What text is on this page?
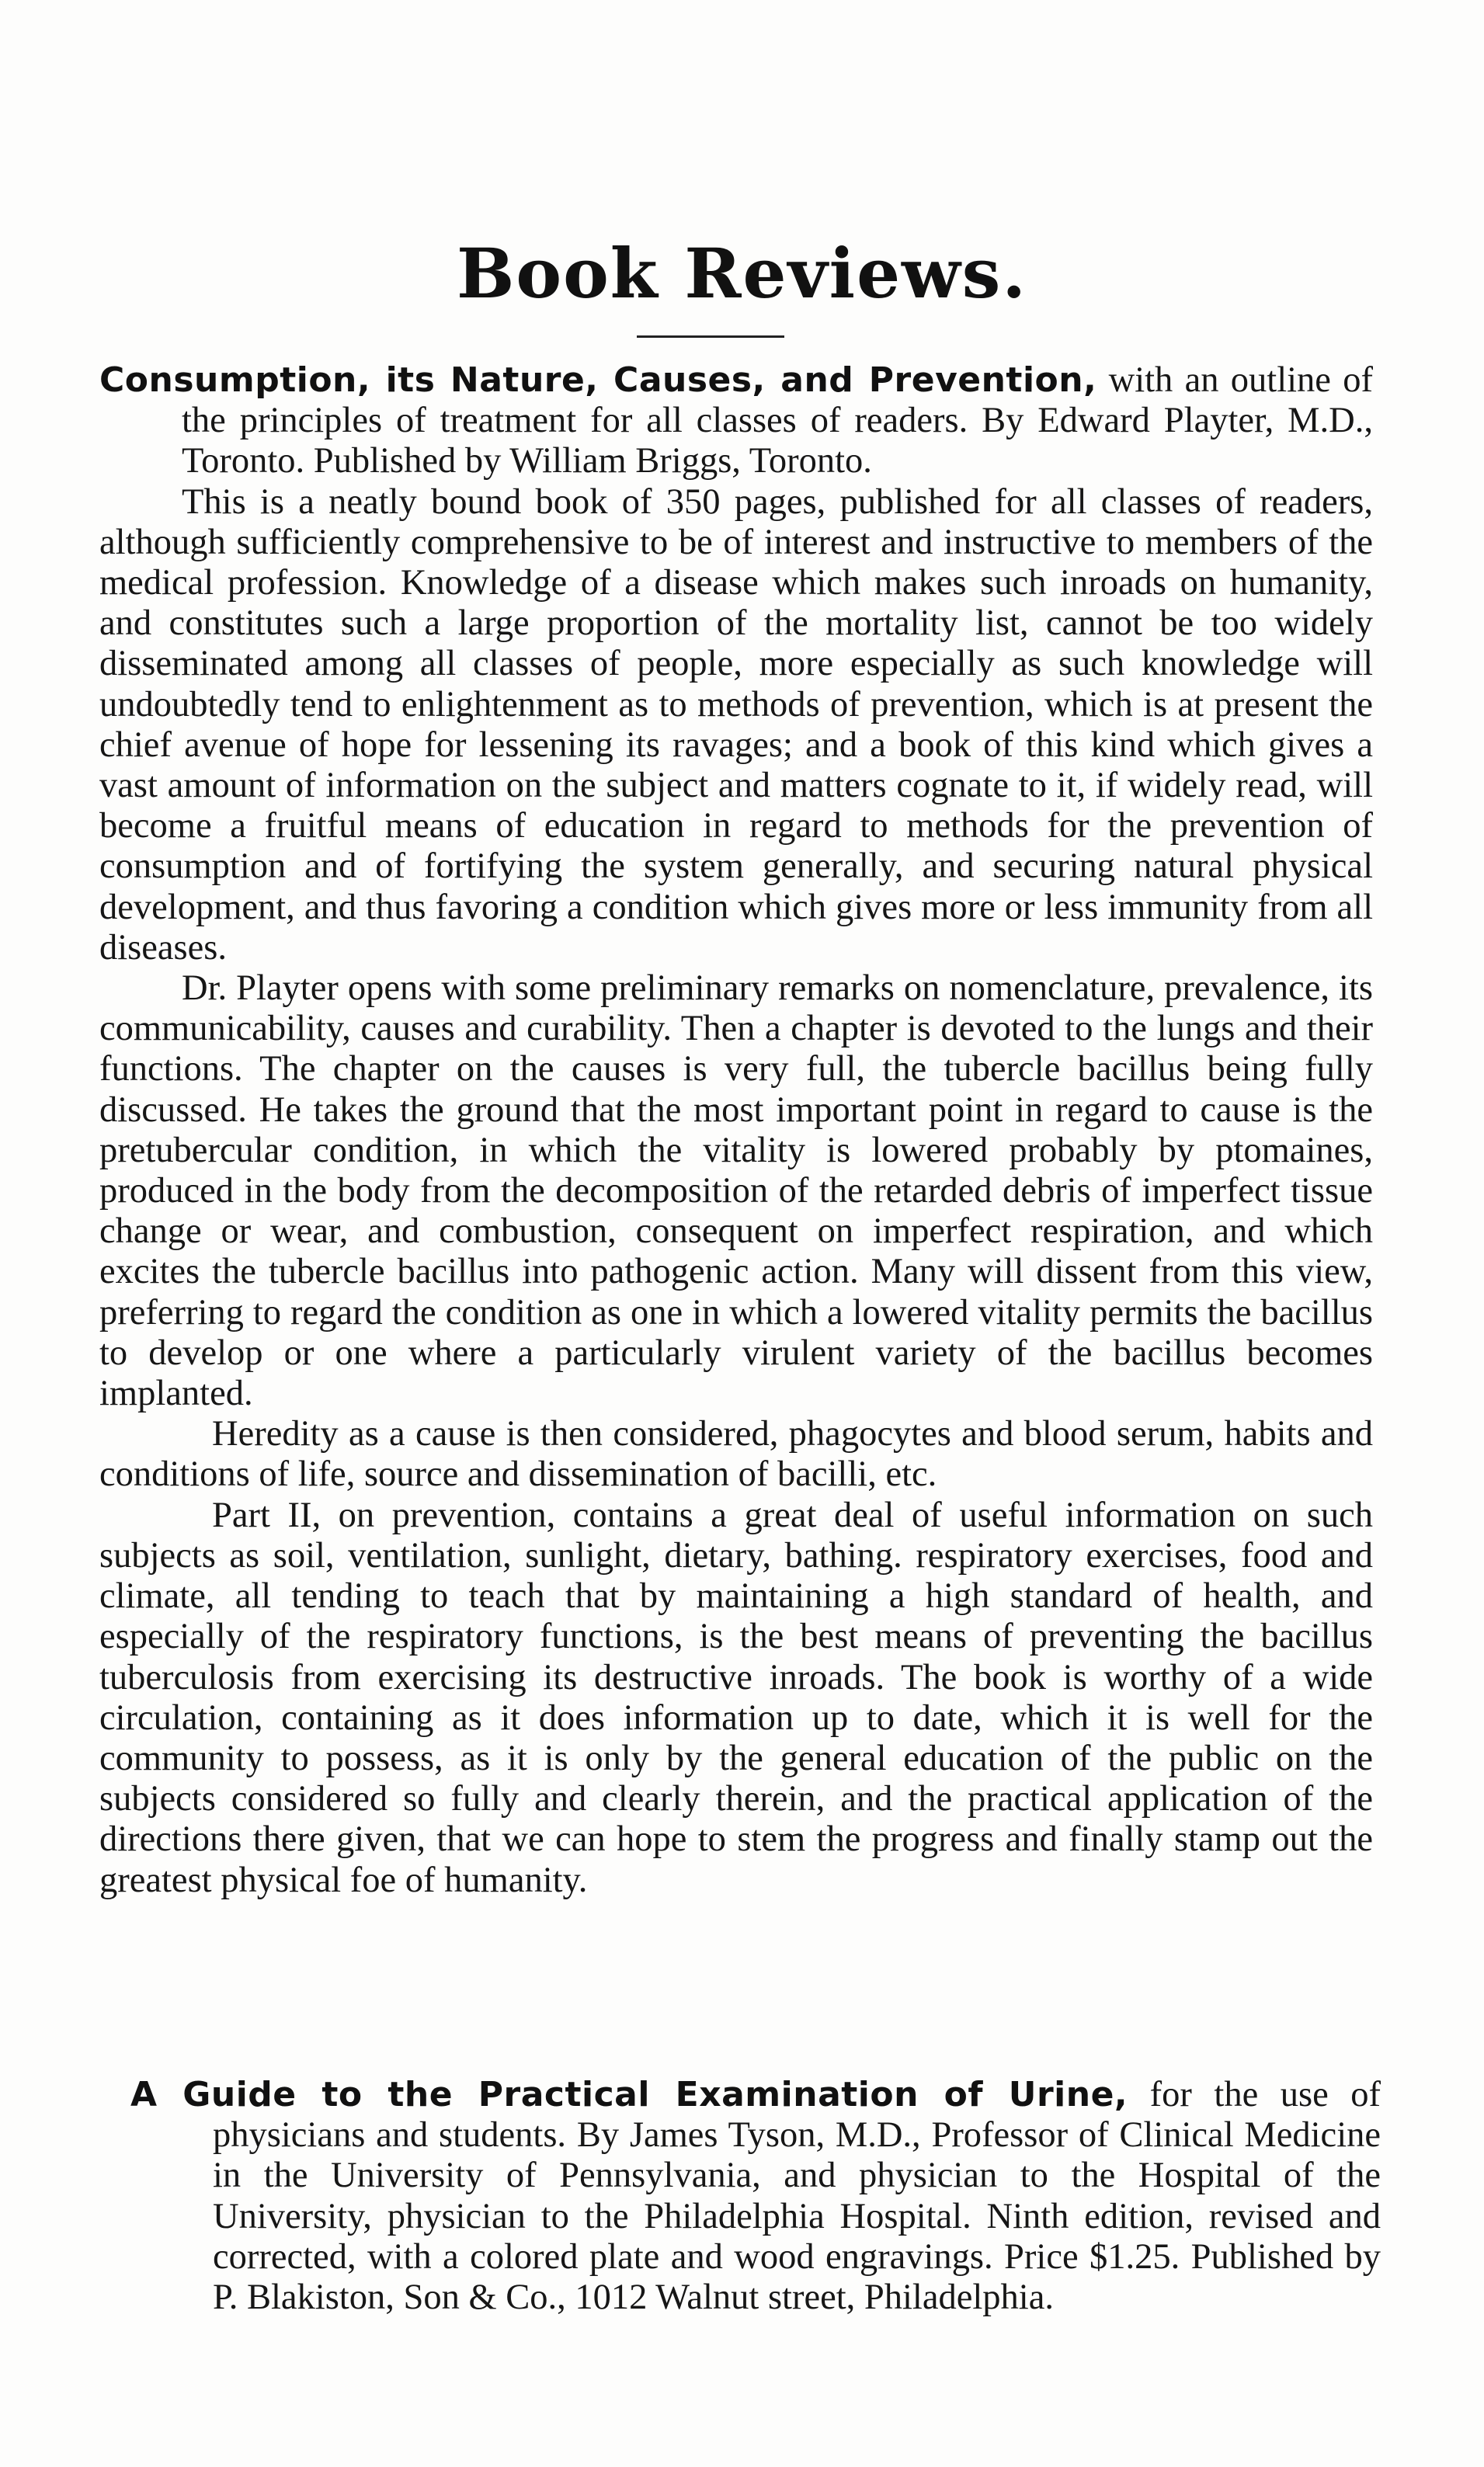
Book Reviews.

Consumption, its Nature, Causes, and Prevention, with an outline of the principles of treatment for all classes of readers. By Edward Playter, M.D., Toronto. Published by William Briggs, Toronto.

This is a neatly bound book of 350 pages, published for all classes of readers, although sufficiently comprehensive to be of interest and instructive to members of the medical profession. Knowledge of a disease which makes such inroads on humanity, and constitutes such a large proportion of the mortality list, cannot be too widely disseminated among all classes of people, more especially as such knowledge will undoubtedly tend to enlightenment as to methods of prevention, which is at present the chief avenue of hope for lessening its ravages; and a book of this kind which gives a vast amount of information on the subject and matters cognate to it, if widely read, will become a fruitful means of education in regard to methods for the prevention of consumption and of fortifying the system generally, and securing natural physical development, and thus favoring a condition which gives more or less immunity from all diseases.

Dr. Playter opens with some preliminary remarks on nomenclature, prevalence, its communicability, causes and curability. Then a chapter is devoted to the lungs and their functions. The chapter on the causes is very full, the tubercle bacillus being fully discussed. He takes the ground that the most important point in regard to cause is the pretubercular condition, in which the vitality is lowered probably by ptomaines, produced in the body from the decomposition of the retarded debris of imperfect tissue change or wear, and combustion, consequent on imperfect respiration, and which excites the tubercle bacillus into pathogenic action. Many will dissent from this view, preferring to regard the condition as one in which a lowered vitality permits the bacillus to develop or one where a particularly virulent variety of the bacillus becomes implanted.

Heredity as a cause is then considered, phagocytes and blood serum, habits and conditions of life, source and dissemination of bacilli, etc.

Part II, on prevention, contains a great deal of useful information on such subjects as soil, ventilation, sunlight, dietary, bathing. respiratory exercises, food and climate, all tending to teach that by maintaining a high standard of health, and especially of the respiratory functions, is the best means of preventing the bacillus tuberculosis from exercising its destructive inroads. The book is worthy of a wide circulation, containing as it does information up to date, which it is well for the community to possess, as it is only by the general education of the public on the subjects considered so fully and clearly therein, and the practical application of the directions there given, that we can hope to stem the progress and finally stamp out the greatest physical foe of humanity.

A Guide to the Practical Examination of Urine, for the use of physicians and students. By James Tyson, M.D., Professor of Clinical Medicine in the University of Pennsylvania, and physician to the Hospital of the University, physician to the Philadelphia Hospital. Ninth edition, revised and corrected, with a colored plate and wood engravings. Price $1.25. Published by P. Blakiston, Son & Co., 1012 Walnut street, Philadelphia.
